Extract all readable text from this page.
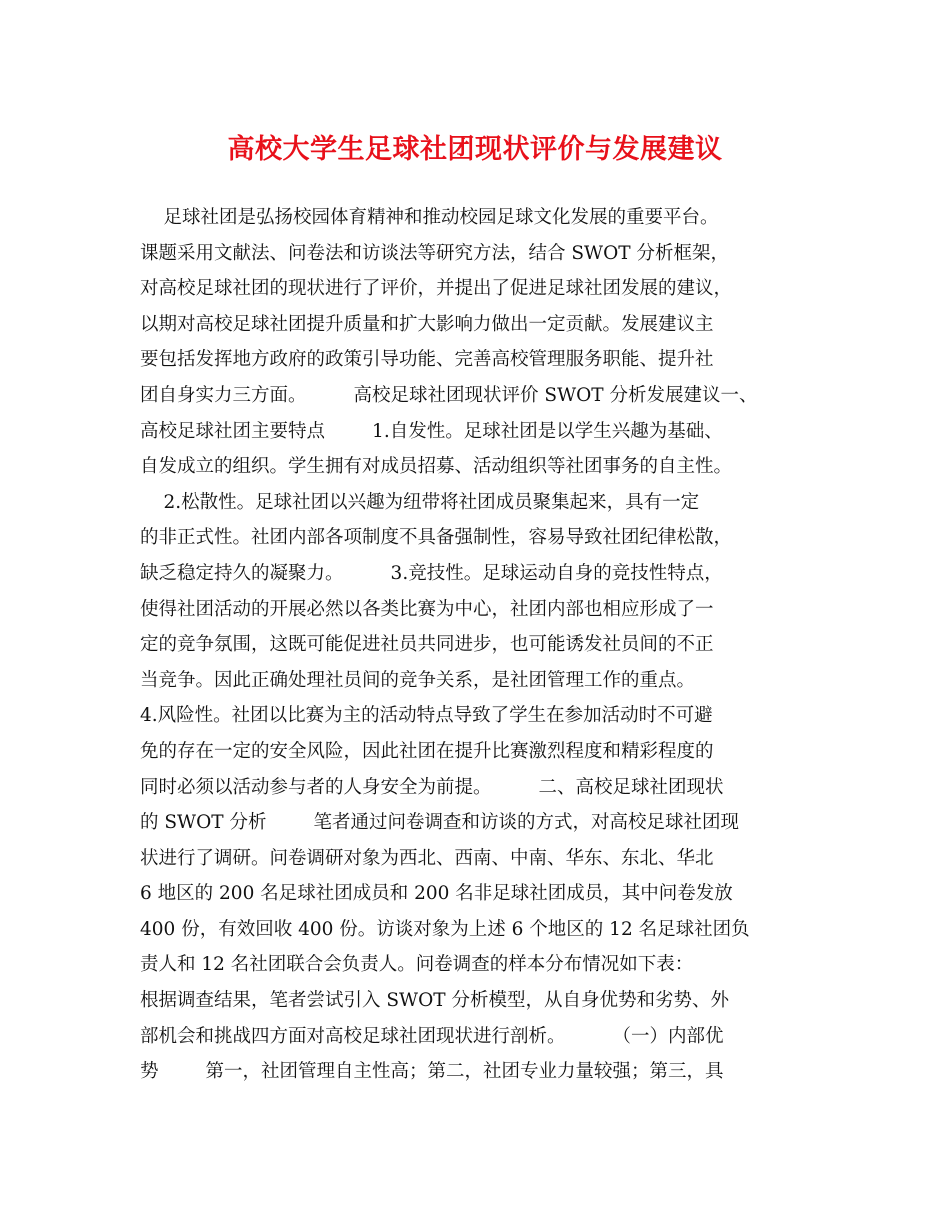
高校大学生足球社团现状评价与发展建议
足球社团是弘扬校园体育精神和推动校园足球文化发展的重要平台。
课题采用文献法、问卷法和访谈法等研究方法，结合 SWOT 分析框架，
对高校足球社团的现状进行了评价，并提出了促进足球社团发展的建议，
以期对高校足球社团提升质量和扩大影响力做出一定贡献。发展建议主
要包括发挥地方政府的政策引导功能、完善高校管理服务职能、提升社
团自身实力三方面。        高校足球社团现状评价 SWOT 分析发展建议一、
高校足球社团主要特点        1.自发性。足球社团是以学生兴趣为基础、
自发成立的组织。学生拥有对成员招募、活动组织等社团事务的自主性。
2.松散性。足球社团以兴趣为纽带将社团成员聚集起来，具有一定
的非正式性。社团内部各项制度不具备强制性，容易导致社团纪律松散，
缺乏稳定持久的凝聚力。        3.竞技性。足球运动自身的竞技性特点，
使得社团活动的开展必然以各类比赛为中心，社团内部也相应形成了一
定的竞争氛围，这既可能促进社员共同进步，也可能诱发社员间的不正
当竞争。因此正确处理社员间的竞争关系，是社团管理工作的重点。
4.风险性。社团以比赛为主的活动特点导致了学生在参加活动时不可避
免的存在一定的安全风险，因此社团在提升比赛激烈程度和精彩程度的
同时必须以活动参与者的人身安全为前提。        二、高校足球社团现状
的 SWOT 分析        笔者通过问卷调查和访谈的方式，对高校足球社团现
状进行了调研。问卷调研对象为西北、西南、中南、华东、东北、华北
6 地区的 200 名足球社团成员和 200 名非足球社团成员，其中问卷发放
400 份，有效回收 400 份。访谈对象为上述 6 个地区的 12 名足球社团负
责人和 12 名社团联合会负责人。问卷调查的样本分布情况如下表：
根据调查结果，笔者尝试引入 SWOT 分析模型，从自身优势和劣势、外
部机会和挑战四方面对高校足球社团现状进行剖析。        （一）内部优
势        第一，社团管理自主性高；第二，社团专业力量较强；第三，具
